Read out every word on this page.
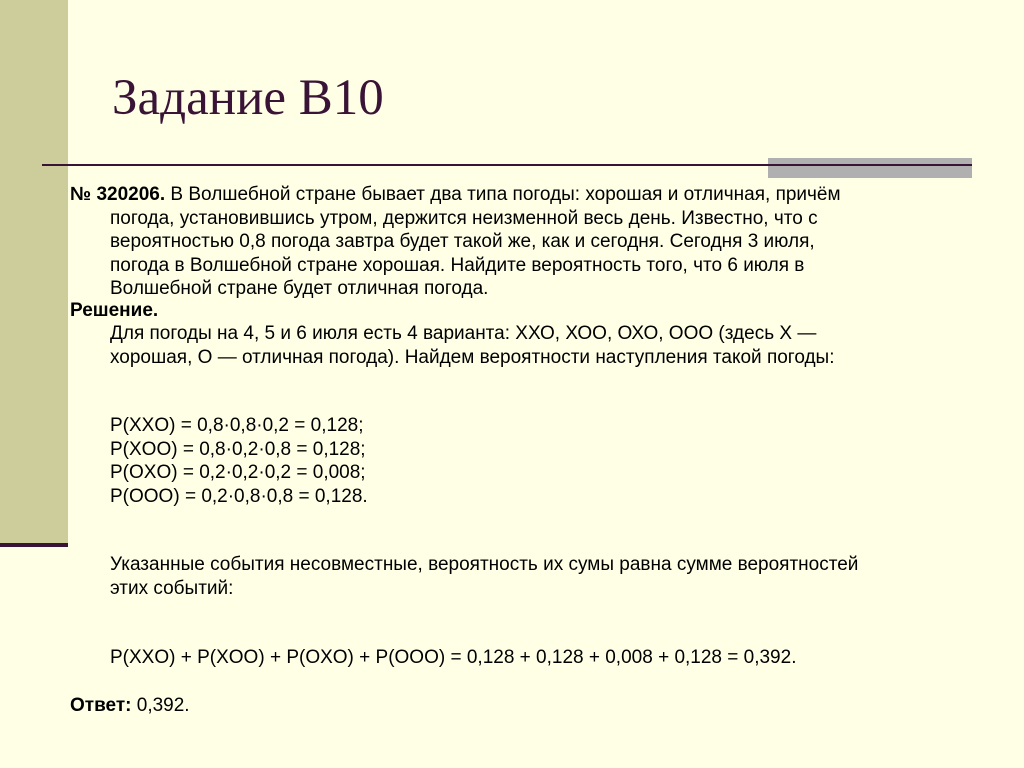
Задание B10
№ 320206. В Волшебной стране бывает два типа погоды: хорошая и отличная, причём
погода, установившись утром, держится неизменной весь день. Известно, что с
вероятностью 0,8 погода завтра будет такой же, как и сегодня. Сегодня 3 июля,
погода в Волшебной стране хорошая. Найдите вероятность того, что 6 июля в
Волшебной стране будет отличная погода.
Решение.
Для погоды на 4, 5 и 6 июля есть 4 варианта: ХХО, ХОО, ОХО, ООО (здесь Х —
хорошая, О — отличная погода). Найдем вероятности наступления такой погоды:
P(XXO) = 0,8·0,8·0,2 = 0,128;
P(XOO) = 0,8·0,2·0,8 = 0,128;
P(OXO) = 0,2·0,2·0,2 = 0,008;
P(OOO) = 0,2·0,8·0,8 = 0,128.
Указанные события несовместные, вероятность их сумы равна сумме вероятностей
этих событий:
P(XXO) + P(XOO) + P(OXO) + P(OOO) = 0,128 + 0,128 + 0,008 + 0,128 = 0,392.
Ответ: 0,392.
